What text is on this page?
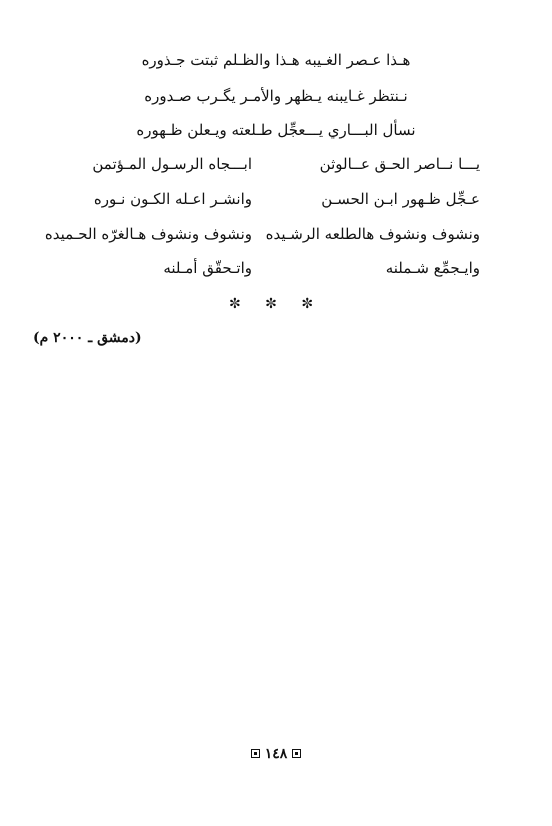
هـذا عـصر الغـيبه هـذا والظـلم ثبتت جـذوره
نـنتظر غـايبنه يـظهر والأمـر يگـرب صـدوره
نسأل البـــاري يـــعجِّل طـلعته ويـعلن ظـهوره
يـــا نــاصر الحـق عــالوثن
ابـــجاه الرسـول المـؤتمن
عـجِّل ظـهور ابـن الحسـن
وانشـر اعـله الكـون نـوره
ونشوف ونشوف هالطلعه الرشـيده
ونشوف ونشوف هـالغرّه الحـميده
وايـجمِّع شـملنه
واتـحقّق أمـلنه
✼ ✼ ✼
(دمشق ـ ٢٠٠٠ م)
١٤٨
